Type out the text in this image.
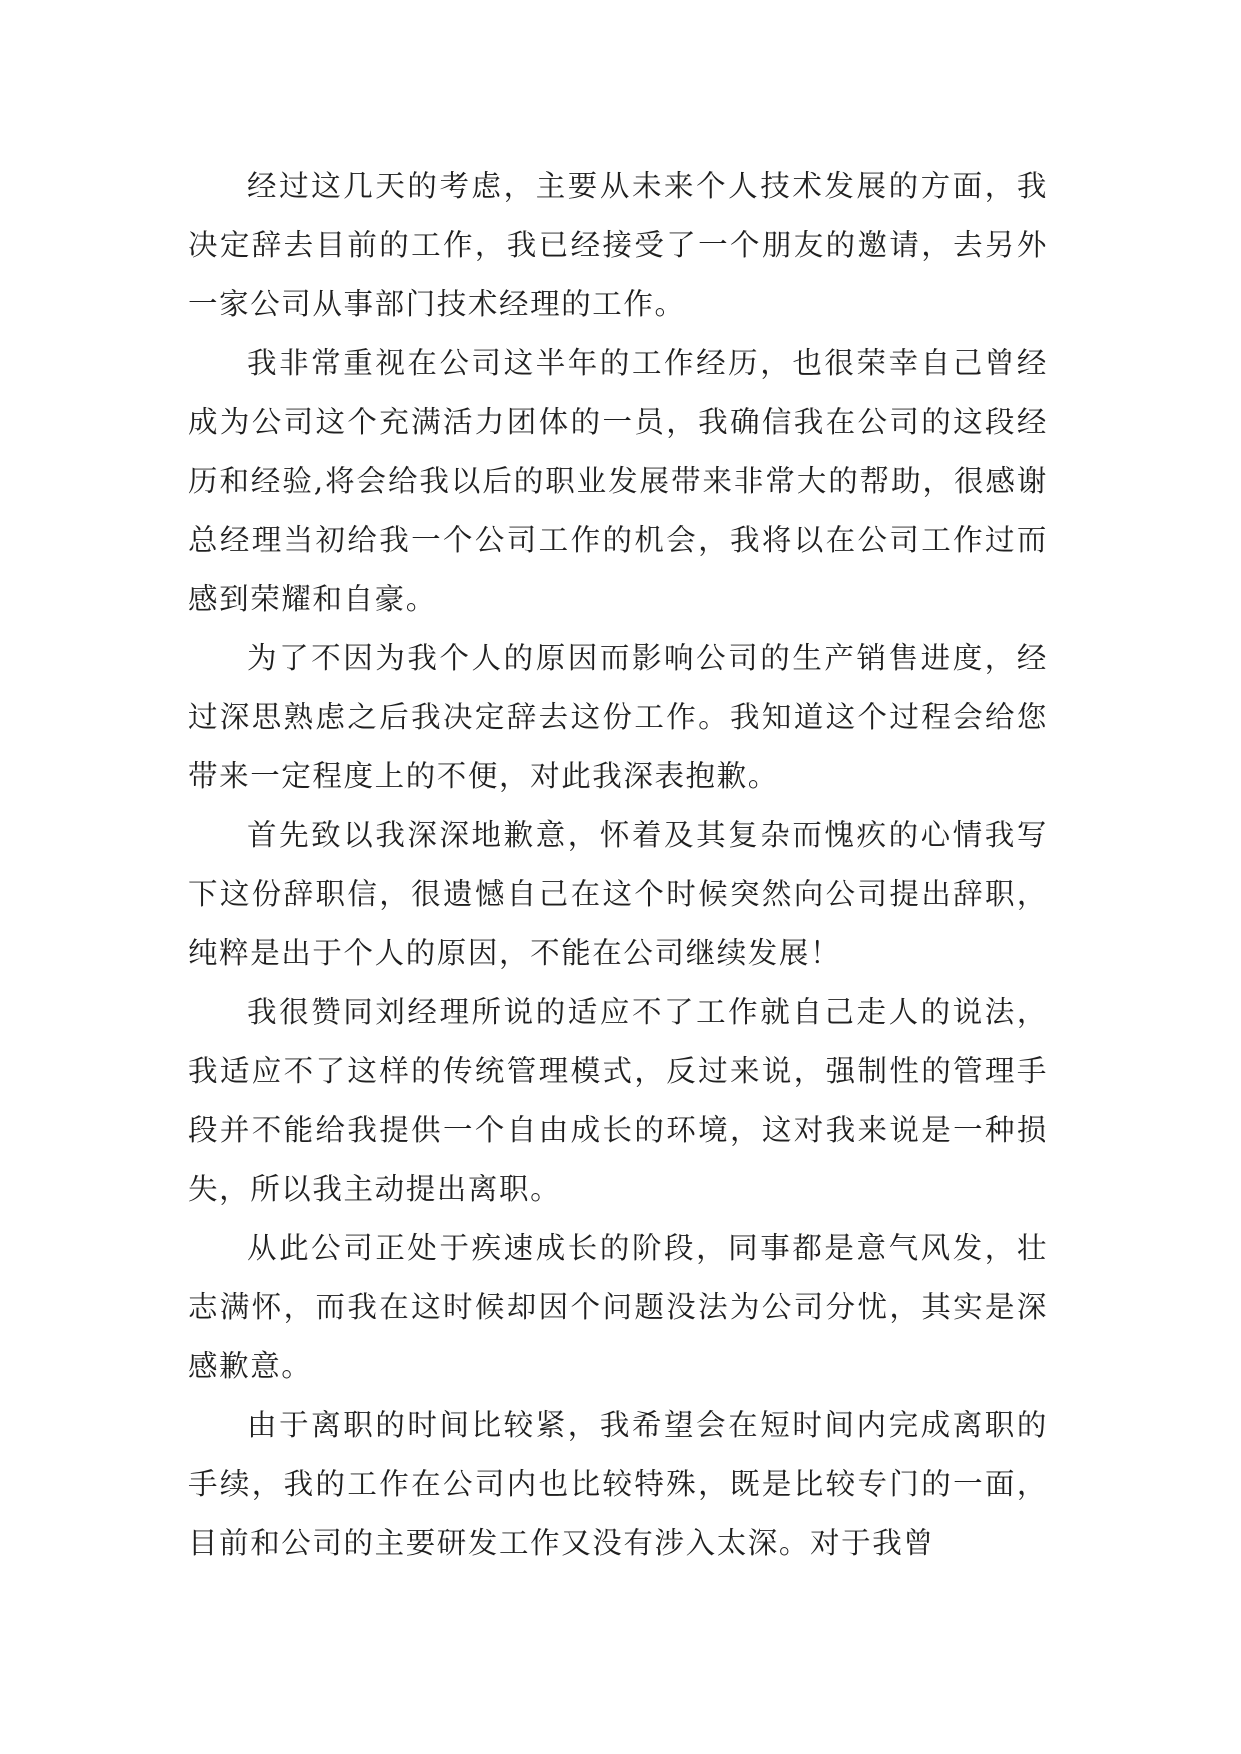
经过这几天的考虑，主要从未来个人技术发展的方面，我决定辞去目前的工作，我已经接受了一个朋友的邀请，去另外一家公司从事部门技术经理的工作。

我非常重视在公司这半年的工作经历，也很荣幸自己曾经成为公司这个充满活力团体的一员，我确信我在公司的这段经历和经验,将会给我以后的职业发展带来非常大的帮助，很感谢总经理当初给我一个公司工作的机会，我将以在公司工作过而感到荣耀和自豪。

为了不因为我个人的原因而影响公司的生产销售进度，经过深思熟虑之后我决定辞去这份工作。我知道这个过程会给您带来一定程度上的不便，对此我深表抱歉。

首先致以我深深地歉意，怀着及其复杂而愧疚的心情我写下这份辞职信，很遗憾自己在这个时候突然向公司提出辞职，纯粹是出于个人的原因，不能在公司继续发展！

我很赞同刘经理所说的适应不了工作就自己走人的说法，我适应不了这样的传统管理模式，反过来说，强制性的管理手段并不能给我提供一个自由成长的环境，这对我来说是一种损失，所以我主动提出离职。

从此公司正处于疾速成长的阶段，同事都是意气风发，壮志满怀，而我在这时候却因个问题没法为公司分忧，其实是深感歉意。

由于离职的时间比较紧，我希望会在短时间内完成离职的手续，我的工作在公司内也比较特殊，既是比较专门的一面，目前和公司的主要研发工作又没有涉入太深。对于我曾
